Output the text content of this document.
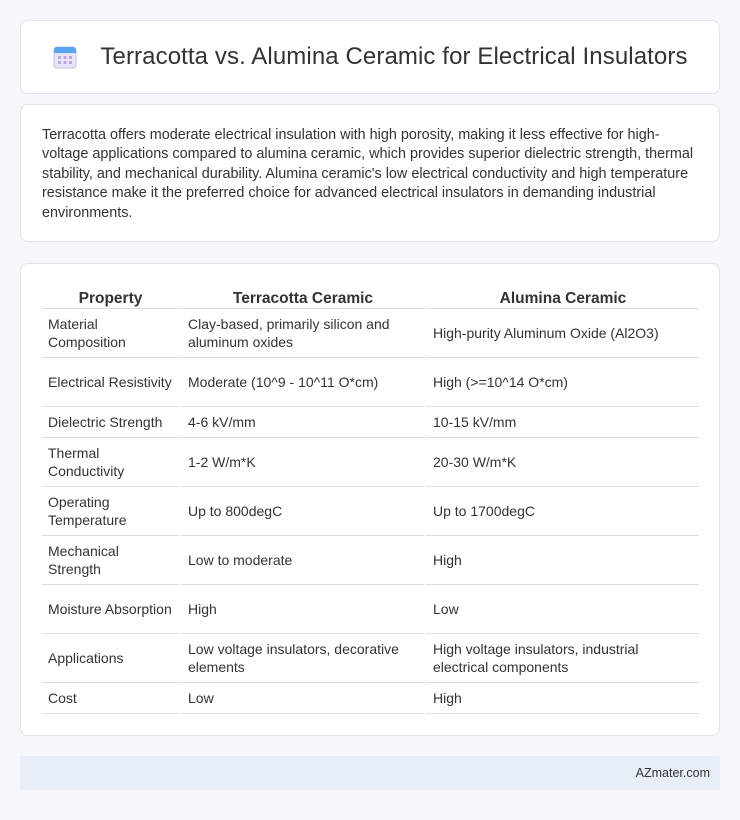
Terracotta vs. Alumina Ceramic for Electrical Insulators

Terracotta offers moderate electrical insulation with high porosity, making it less effective for high-voltage applications compared to alumina ceramic, which provides superior dielectric strength, thermal stability, and mechanical durability. Alumina ceramic's low electrical conductivity and high temperature resistance make it the preferred choice for advanced electrical insulators in demanding industrial environments.

Property	Terracotta Ceramic	Alumina Ceramic
Material Composition	Clay-based, primarily silicon and aluminum oxides	High-purity Aluminum Oxide (Al2O3)
Electrical Resistivity	Moderate (10^9 - 10^11 O*cm)	High (>=10^14 O*cm)
Dielectric Strength	4-6 kV/mm	10-15 kV/mm
Thermal Conductivity	1-2 W/m*K	20-30 W/m*K
Operating Temperature	Up to 800degC	Up to 1700degC
Mechanical Strength	Low to moderate	High
Moisture Absorption	High	Low
Applications	Low voltage insulators, decorative elements	High voltage insulators, industrial electrical components
Cost	Low	High
AZmater.com
